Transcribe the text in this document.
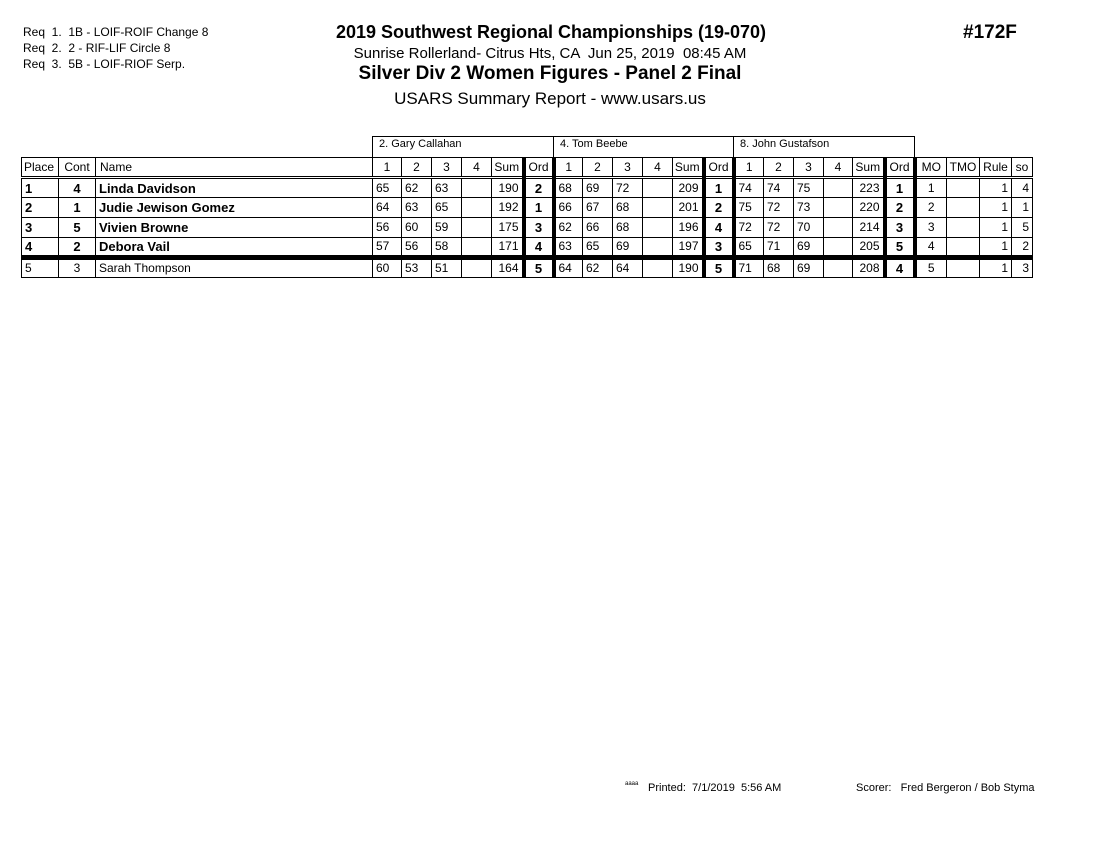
Req  1.  1B - LOIF-ROIF Change 8
Req  2.  2 - RIF-LIF Circle 8
Req  3.  5B - LOIF-RIOF Serp.
2019 Southwest Regional Championships (19-070)
Sunrise Rollerland- Citrus Hts, CA  Jun 25, 2019  08:45 AM
Silver Div 2 Women Figures - Panel 2 Final
USARS Summary Report - www.usars.us
#172F
2. Gary Callahan	4. Tom Beebe	8. John Gustafson
Place	Cont	Name	1	2	3	4	Sum	Ord	1	2	3	4	Sum	Ord	1	2	3	4	Sum	Ord	MO	TMO	Rule	so
1	4	Linda Davidson	65	62	63		190	2	68	69	72		209	1	74	74	75		223	1	1		1	4
2	1	Judie Jewison Gomez	64	63	65		192	1	66	67	68		201	2	75	72	73		220	2	2		1	1
3	5	Vivien Browne	56	60	59		175	3	62	66	68		196	4	72	72	70		214	3	3		1	5
4	2	Debora Vail	57	56	58		171	4	63	65	69		197	3	65	71	69		205	5	4		1	2
5	3	Sarah Thompson	60	53	51		164	5	64	62	64		190	5	71	68	69		208	4	5		1	3
aaaa Printed:  7/1/2019  5:56 AM	Scorer:   Fred Bergeron / Bob Styma
